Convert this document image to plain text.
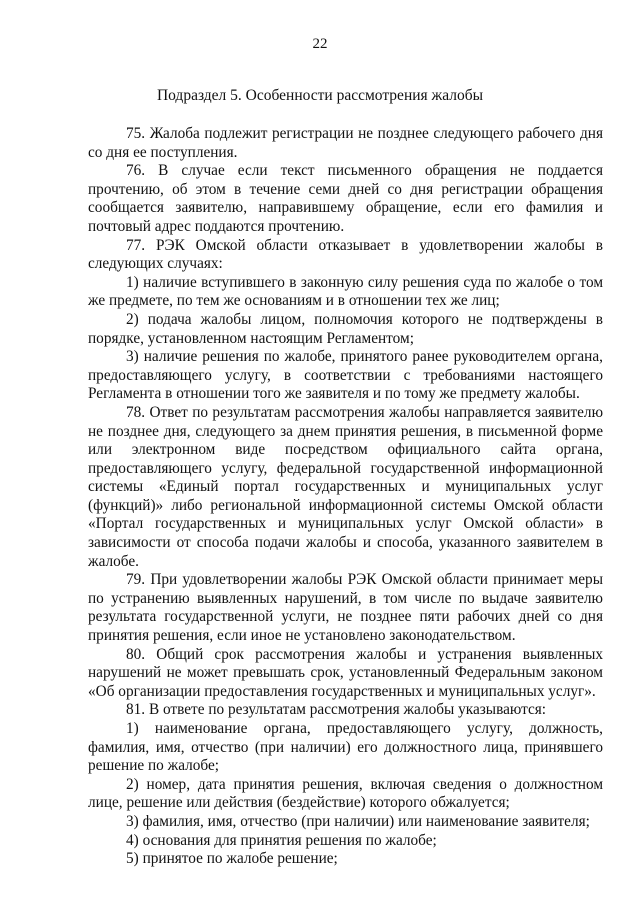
22
Подраздел 5. Особенности рассмотрения жалобы

75. Жалоба подлежит регистрации не позднее следующего рабочего дня со дня ее поступления.

76. В случае если текст письменного обращения не поддается прочтению, об этом в течение семи дней со дня регистрации обращения сообщается заявителю, направившему обращение, если его фамилия и почтовый адрес поддаются прочтению.

77. РЭК Омской области отказывает в удовлетворении жалобы в следующих случаях:

1) наличие вступившего в законную силу решения суда по жалобе о том же предмете, по тем же основаниям и в отношении тех же лиц;

2) подача жалобы лицом, полномочия которого не подтверждены в порядке, установленном настоящим Регламентом;

3) наличие решения по жалобе, принятого ранее руководителем органа, предоставляющего услугу, в соответствии с требованиями настоящего Регламента в отношении того же заявителя и по тому же предмету жалобы.

78. Ответ по результатам рассмотрения жалобы направляется заявителю не позднее дня, следующего за днем принятия решения, в письменной форме или электронном виде посредством официального сайта органа, предоставляющего услугу, федеральной государственной информационной системы «Единый портал государственных и муниципальных услуг (функций)» либо региональной информационной системы Омской области «Портал государственных и муниципальных услуг Омской области» в зависимости от способа подачи жалобы и способа, указанного заявителем в жалобе.

79. При удовлетворении жалобы РЭК Омской области принимает меры по устранению выявленных нарушений, в том числе по выдаче заявителю результата государственной услуги, не позднее пяти рабочих дней со дня принятия решения, если иное не установлено законодательством.

80. Общий срок рассмотрения жалобы и устранения выявленных нарушений не может превышать срок, установленный Федеральным законом «Об организации предоставления государственных и муниципальных услуг».

81. В ответе по результатам рассмотрения жалобы указываются:

1) наименование органа, предоставляющего услугу, должность, фамилия, имя, отчество (при наличии) его должностного лица, принявшего решение по жалобе;

2) номер, дата принятия решения, включая сведения о должностном лице, решение или действия (бездействие) которого обжалуется;

3) фамилия, имя, отчество (при наличии) или наименование заявителя;

4) основания для принятия решения по жалобе;

5) принятое по жалобе решение;
